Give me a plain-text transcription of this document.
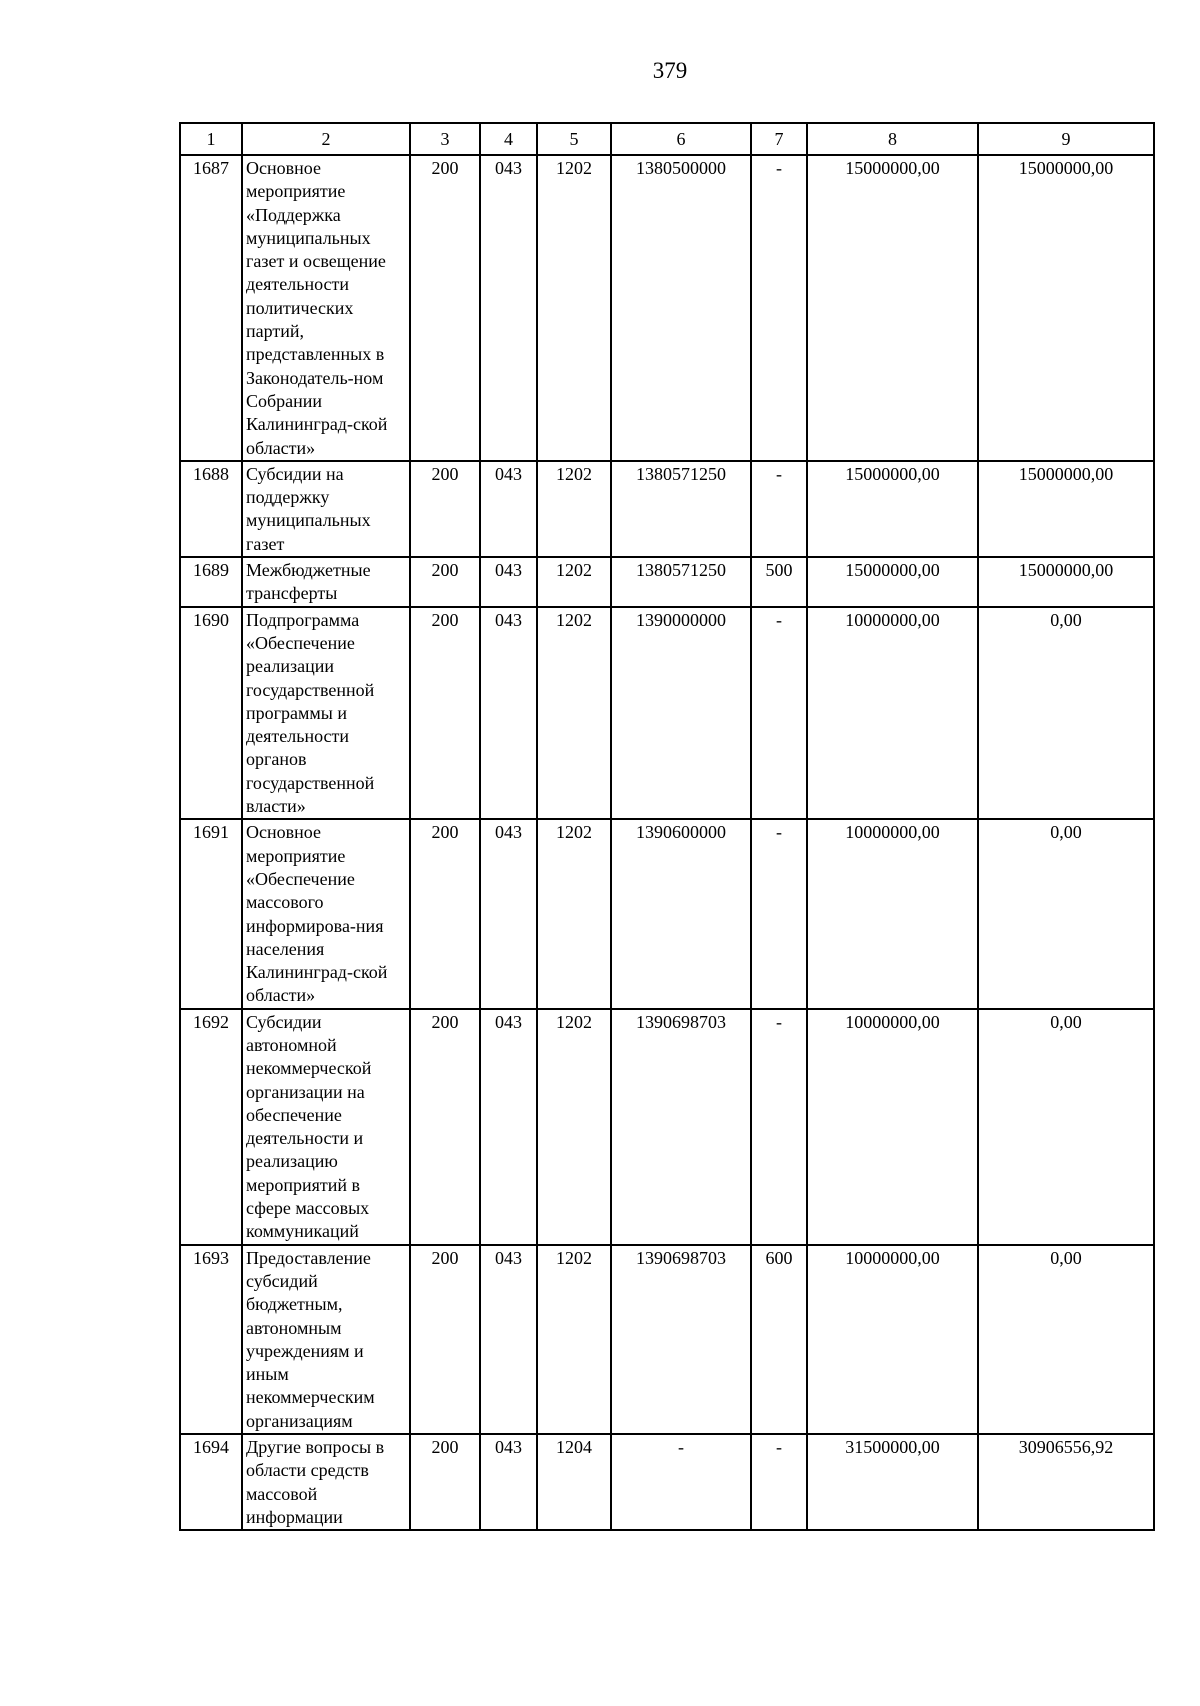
379
1	2	3	4	5	6	7	8	9
1687	Основное мероприятие «Поддержка муниципальных газет и освещение деятельности политических партий, представленных в Законодатель-ном Собрании Калининград-ской области»	200	043	1202	1380500000	-	15000000,00	15000000,00
1688	Субсидии на поддержку муниципальных газет	200	043	1202	1380571250	-	15000000,00	15000000,00
1689	Межбюджетные трансферты	200	043	1202	1380571250	500	15000000,00	15000000,00
1690	Подпрограмма «Обеспечение реализации государственной программы и деятельности органов государственной власти»	200	043	1202	1390000000	-	10000000,00	0,00
1691	Основное мероприятие «Обеспечение массового информирова-ния населения Калининград-ской области»	200	043	1202	1390600000	-	10000000,00	0,00
1692	Субсидии автономной некоммерческой организации на обеспечение деятельности и реализацию мероприятий в сфере массовых коммуникаций	200	043	1202	1390698703	-	10000000,00	0,00
1693	Предоставление субсидий бюджетным, автономным учреждениям и иным некоммерческим организациям	200	043	1202	1390698703	600	10000000,00	0,00
1694	Другие вопросы в области средств массовой информации	200	043	1204	-	-	31500000,00	30906556,92
